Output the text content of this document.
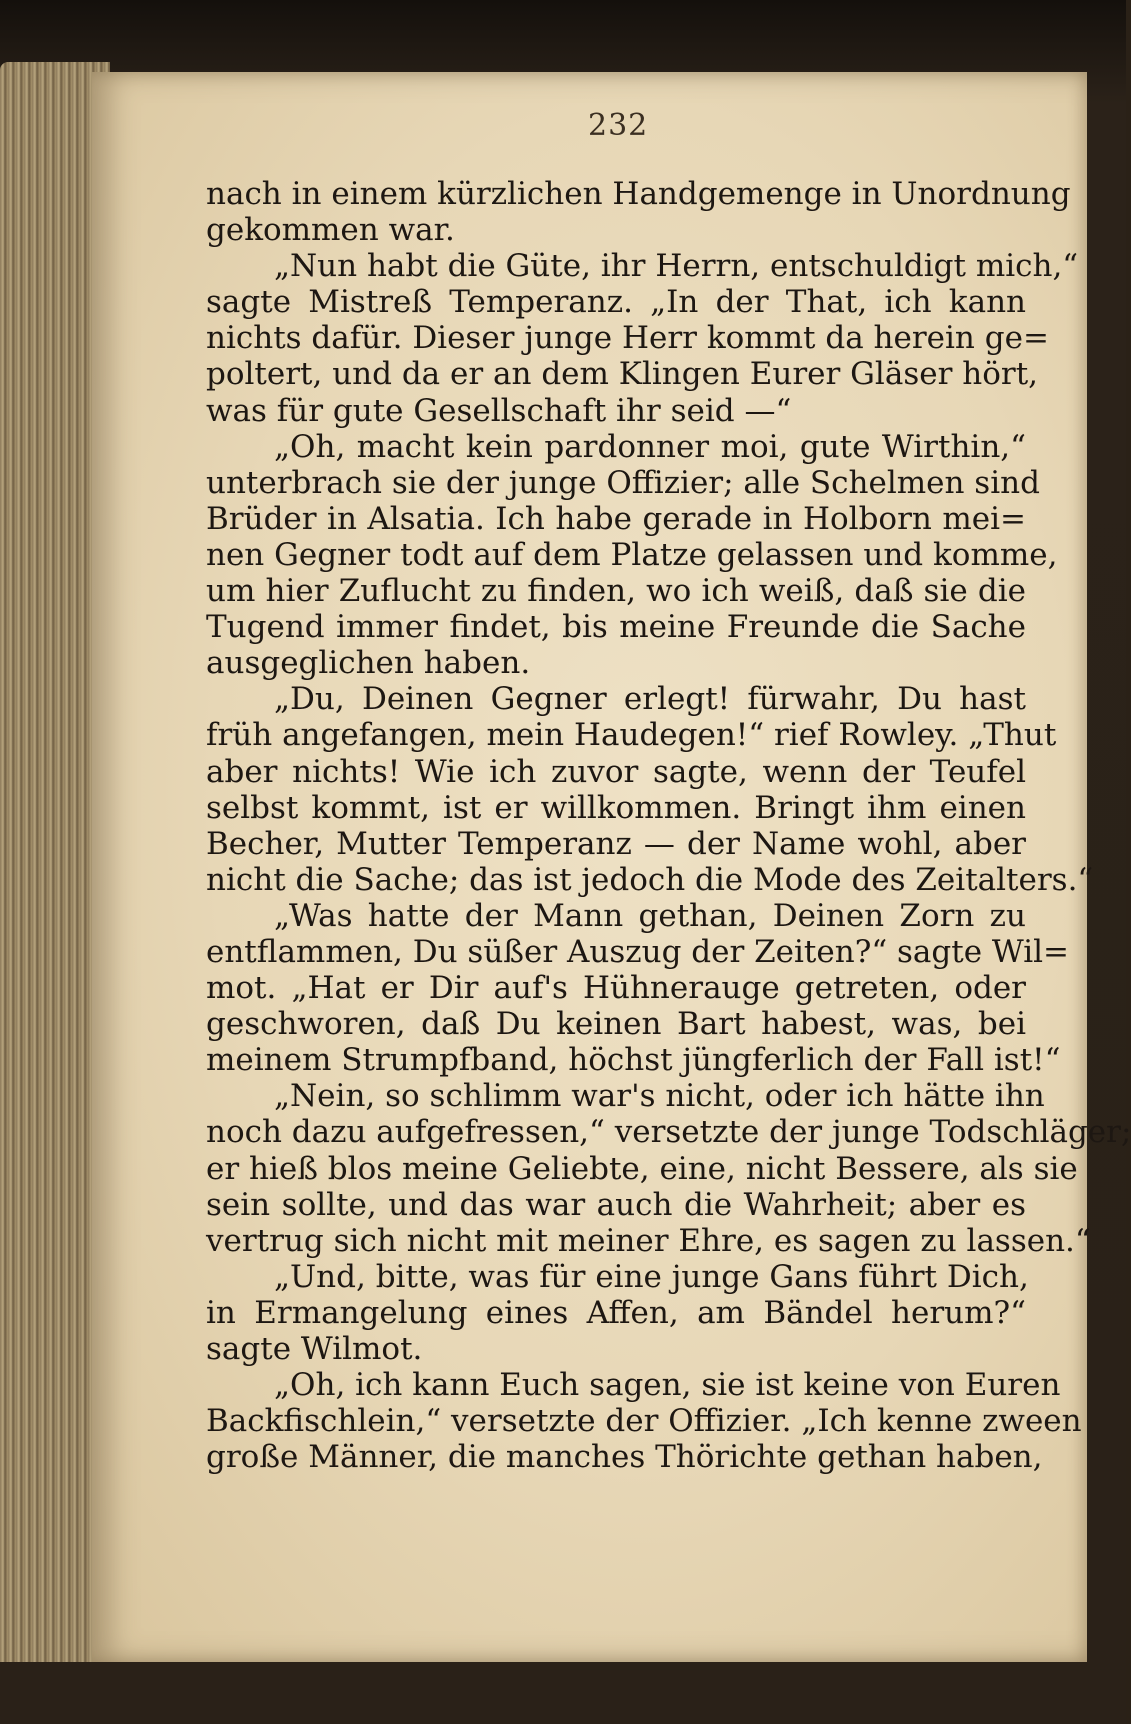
232
nach in einem kürzlichen Handgemenge in Unordnung
gekommen war.
„Nun habt die Güte, ihr Herrn, entschuldigt mich,“
sagte Mistreß Temperanz. „In der That, ich kann
nichts dafür. Dieser junge Herr kommt da herein ge=
poltert, und da er an dem Klingen Eurer Gläser hört,
was für gute Gesellschaft ihr seid —“
„Oh, macht kein pardonner moi, gute Wirthin,“
unterbrach sie der junge Offizier; alle Schelmen sind
Brüder in Alsatia. Ich habe gerade in Holborn mei=
nen Gegner todt auf dem Platze gelassen und komme,
um hier Zuflucht zu finden, wo ich weiß, daß sie die
Tugend immer findet, bis meine Freunde die Sache
ausgeglichen haben.
„Du, Deinen Gegner erlegt! fürwahr, Du hast
früh angefangen, mein Haudegen!“ rief Rowley. „Thut
aber nichts! Wie ich zuvor sagte, wenn der Teufel
selbst kommt, ist er willkommen. Bringt ihm einen
Becher, Mutter Temperanz — der Name wohl, aber
nicht die Sache; das ist jedoch die Mode des Zeitalters.“
„Was hatte der Mann gethan, Deinen Zorn zu
entflammen, Du süßer Auszug der Zeiten?“ sagte Wil=
mot. „Hat er Dir auf's Hühnerauge getreten, oder
geschworen, daß Du keinen Bart habest, was, bei
meinem Strumpfband, höchst jüngferlich der Fall ist!“
„Nein, so schlimm war's nicht, oder ich hätte ihn
noch dazu aufgefressen,“ versetzte der junge Todschläger;
er hieß blos meine Geliebte, eine, nicht Bessere, als sie
sein sollte, und das war auch die Wahrheit; aber es
vertrug sich nicht mit meiner Ehre, es sagen zu lassen.“
„Und, bitte, was für eine junge Gans führt Dich,
in Ermangelung eines Affen, am Bändel herum?“
sagte Wilmot.
„Oh, ich kann Euch sagen, sie ist keine von Euren
Backfischlein,“ versetzte der Offizier. „Ich kenne zween
große Männer, die manches Thörichte gethan haben,
